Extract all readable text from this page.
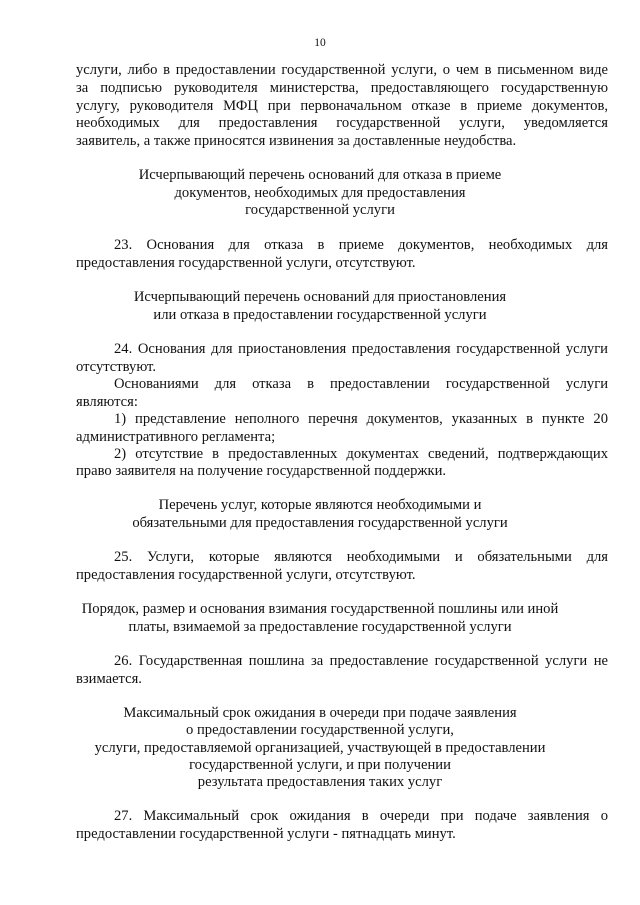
10

услуги, либо в предоставлении государственной услуги, о чем в письменном виде

за подписью руководителя министерства, предоставляющего государственную

услугу, руководителя МФЦ при первоначальном отказе в приеме документов,

необходимых для предоставления государственной услуги, уведомляется

заявитель, а также приносятся извинения за доставленные неудобства.

Исчерпывающий перечень оснований для отказа в приеме

документов, необходимых для предоставления

государственной услуги

23. Основания для отказа в приеме документов, необходимых для

предоставления государственной услуги, отсутствуют.

Исчерпывающий перечень оснований для приостановления

или отказа в предоставлении государственной услуги

24. Основания для приостановления предоставления государственной услуги

отсутствуют.

Основаниями для отказа в предоставлении государственной услуги

являются:

1) представление неполного перечня документов, указанных в пункте 20

административного регламента;

2) отсутствие в предоставленных документах сведений, подтверждающих

право заявителя на получение государственной поддержки.

Перечень услуг, которые являются необходимыми и

обязательными для предоставления государственной услуги

25. Услуги, которые являются необходимыми и обязательными для

предоставления государственной услуги, отсутствуют.

Порядок, размер и основания взимания государственной пошлины или иной

платы, взимаемой за предоставление государственной услуги

26. Государственная пошлина за предоставление государственной услуги не

взимается.

Максимальный срок ожидания в очереди при подаче заявления

о предоставлении государственной услуги,

услуги, предоставляемой организацией, участвующей в предоставлении

государственной услуги, и при получении

результата предоставления таких услуг

27. Максимальный срок ожидания в очереди при подаче заявления о

предоставлении государственной услуги - пятнадцать минут.
